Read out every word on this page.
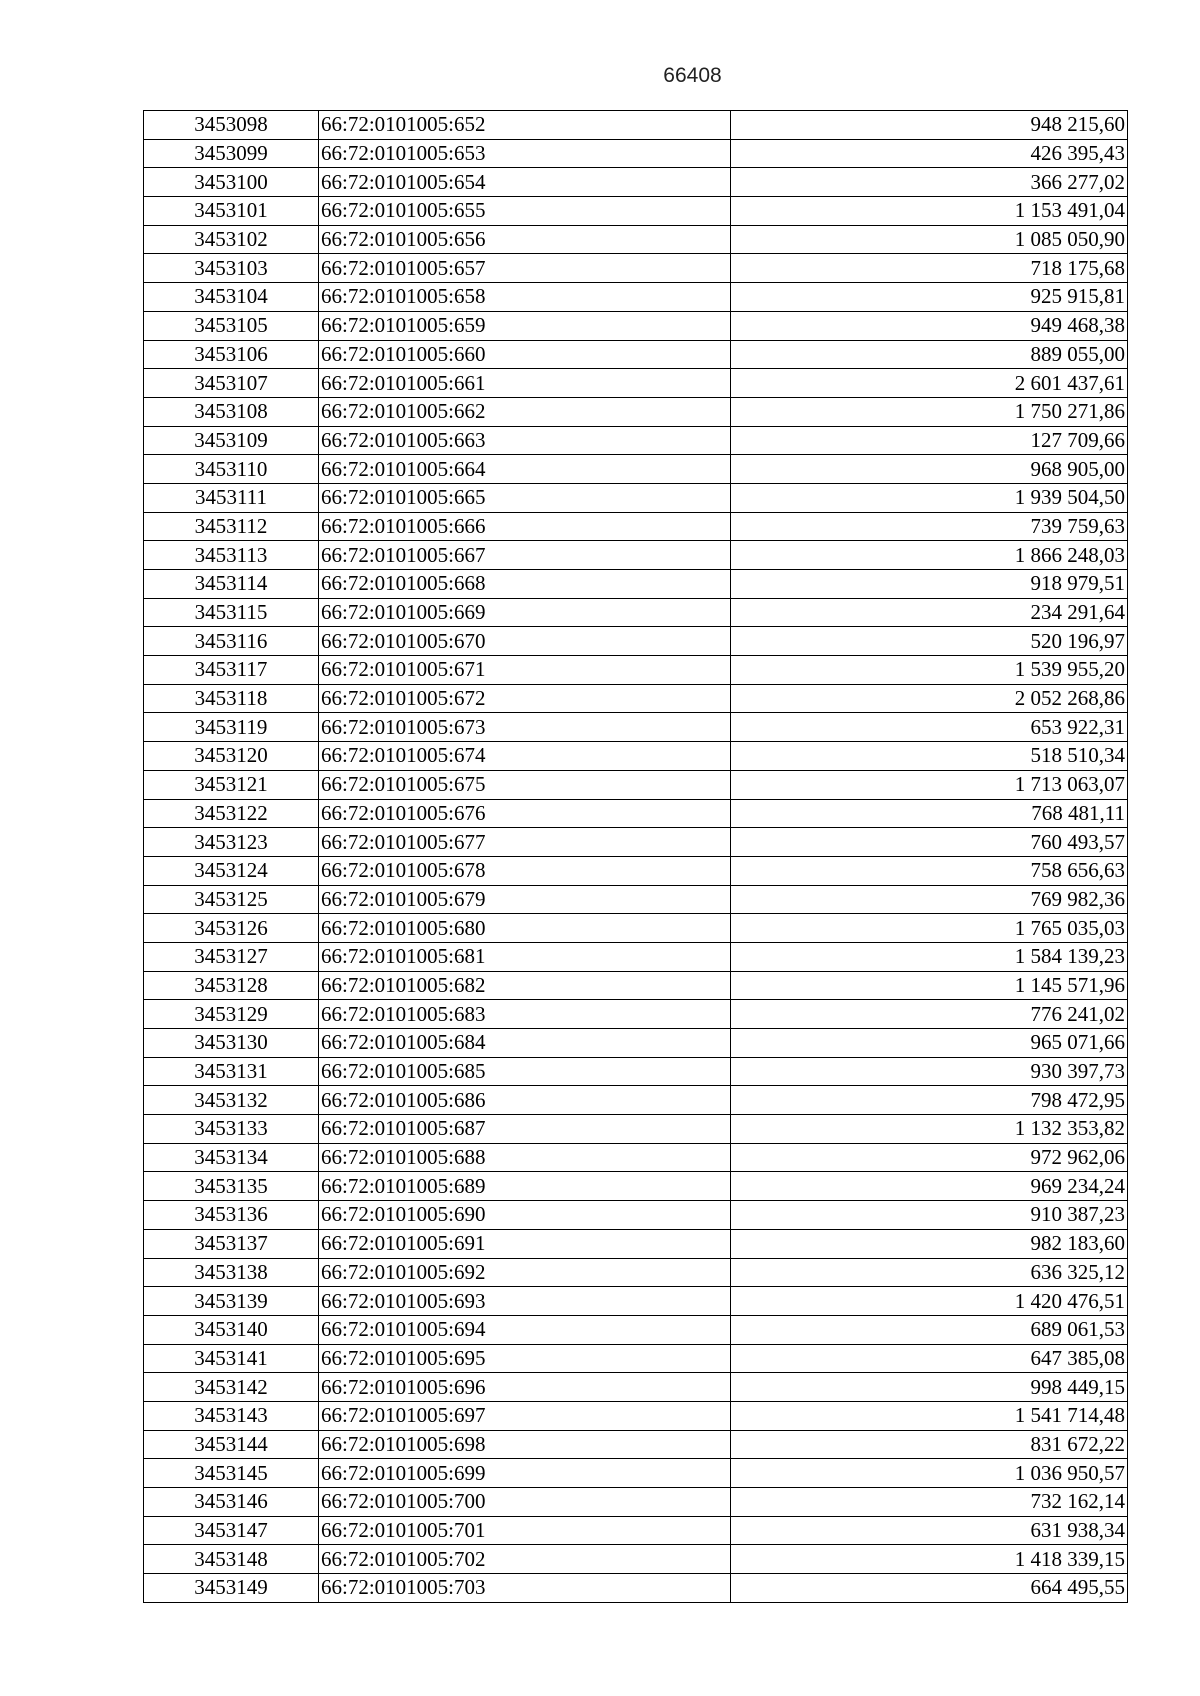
66408
3453098	66:72:0101005:652	948 215,60
3453099	66:72:0101005:653	426 395,43
3453100	66:72:0101005:654	366 277,02
3453101	66:72:0101005:655	1 153 491,04
3453102	66:72:0101005:656	1 085 050,90
3453103	66:72:0101005:657	718 175,68
3453104	66:72:0101005:658	925 915,81
3453105	66:72:0101005:659	949 468,38
3453106	66:72:0101005:660	889 055,00
3453107	66:72:0101005:661	2 601 437,61
3453108	66:72:0101005:662	1 750 271,86
3453109	66:72:0101005:663	127 709,66
3453110	66:72:0101005:664	968 905,00
3453111	66:72:0101005:665	1 939 504,50
3453112	66:72:0101005:666	739 759,63
3453113	66:72:0101005:667	1 866 248,03
3453114	66:72:0101005:668	918 979,51
3453115	66:72:0101005:669	234 291,64
3453116	66:72:0101005:670	520 196,97
3453117	66:72:0101005:671	1 539 955,20
3453118	66:72:0101005:672	2 052 268,86
3453119	66:72:0101005:673	653 922,31
3453120	66:72:0101005:674	518 510,34
3453121	66:72:0101005:675	1 713 063,07
3453122	66:72:0101005:676	768 481,11
3453123	66:72:0101005:677	760 493,57
3453124	66:72:0101005:678	758 656,63
3453125	66:72:0101005:679	769 982,36
3453126	66:72:0101005:680	1 765 035,03
3453127	66:72:0101005:681	1 584 139,23
3453128	66:72:0101005:682	1 145 571,96
3453129	66:72:0101005:683	776 241,02
3453130	66:72:0101005:684	965 071,66
3453131	66:72:0101005:685	930 397,73
3453132	66:72:0101005:686	798 472,95
3453133	66:72:0101005:687	1 132 353,82
3453134	66:72:0101005:688	972 962,06
3453135	66:72:0101005:689	969 234,24
3453136	66:72:0101005:690	910 387,23
3453137	66:72:0101005:691	982 183,60
3453138	66:72:0101005:692	636 325,12
3453139	66:72:0101005:693	1 420 476,51
3453140	66:72:0101005:694	689 061,53
3453141	66:72:0101005:695	647 385,08
3453142	66:72:0101005:696	998 449,15
3453143	66:72:0101005:697	1 541 714,48
3453144	66:72:0101005:698	831 672,22
3453145	66:72:0101005:699	1 036 950,57
3453146	66:72:0101005:700	732 162,14
3453147	66:72:0101005:701	631 938,34
3453148	66:72:0101005:702	1 418 339,15
3453149	66:72:0101005:703	664 495,55
